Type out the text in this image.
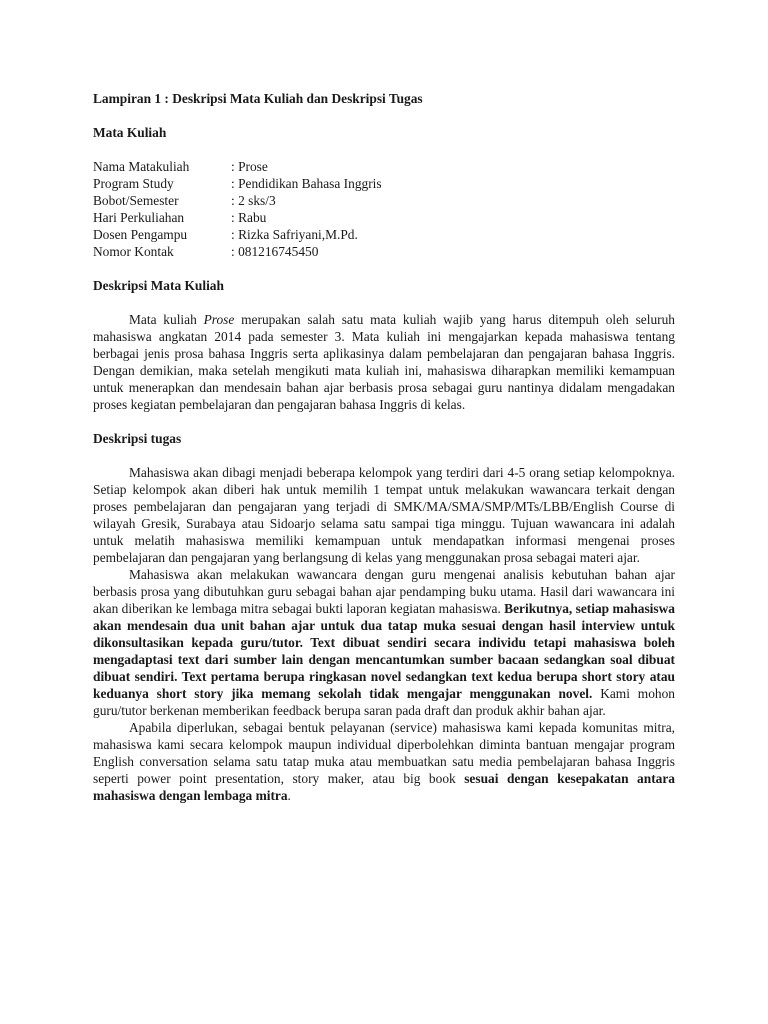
Lampiran 1 : Deskripsi Mata Kuliah dan Deskripsi Tugas

Mata Kuliah

Nama Matakuliah	: Prose
Program Study	: Pendidikan Bahasa Inggris
Bobot/Semester	: 2 sks/3
Hari Perkuliahan	: Rabu
Dosen Pengampu	: Rizka Safriyani,M.Pd.
Nomor Kontak	: 081216745450

Deskripsi Mata Kuliah

Mata kuliah Prose merupakan salah satu mata kuliah wajib yang harus ditempuh oleh seluruh mahasiswa angkatan 2014 pada semester 3. Mata kuliah ini mengajarkan kepada mahasiswa tentang berbagai jenis prosa bahasa Inggris serta aplikasinya dalam pembelajaran dan pengajaran bahasa Inggris. Dengan demikian, maka setelah mengikuti mata kuliah ini, mahasiswa diharapkan memiliki kemampuan untuk menerapkan dan mendesain bahan ajar berbasis prosa sebagai guru nantinya didalam mengadakan proses kegiatan pembelajaran dan pengajaran bahasa Inggris di kelas.

Deskripsi tugas

Mahasiswa akan dibagi menjadi beberapa kelompok yang terdiri dari 4-5 orang setiap kelompoknya. Setiap kelompok akan diberi hak untuk memilih 1 tempat untuk melakukan wawancara terkait dengan proses pembelajaran dan pengajaran yang terjadi di SMK/MA/SMA/SMP/MTs/LBB/English Course di wilayah Gresik, Surabaya atau Sidoarjo selama satu sampai tiga minggu. Tujuan wawancara ini adalah untuk melatih mahasiswa memiliki kemampuan untuk mendapatkan informasi mengenai proses pembelajaran dan pengajaran yang berlangsung di kelas yang menggunakan prosa sebagai materi ajar.

Mahasiswa akan melakukan wawancara dengan guru mengenai analisis kebutuhan bahan ajar berbasis prosa yang dibutuhkan guru sebagai bahan ajar pendamping buku utama. Hasil dari wawancara ini akan diberikan ke lembaga mitra sebagai bukti laporan kegiatan mahasiswa. Berikutnya, setiap mahasiswa akan mendesain dua unit bahan ajar untuk dua tatap muka sesuai dengan hasil interview untuk dikonsultasikan kepada guru/tutor. Text dibuat sendiri secara individu tetapi mahasiswa boleh mengadaptasi text dari sumber lain dengan mencantumkan sumber bacaan sedangkan soal dibuat dibuat sendiri. Text pertama berupa ringkasan novel sedangkan text kedua berupa short story atau keduanya short story jika memang sekolah tidak mengajar menggunakan novel. Kami mohon guru/tutor berkenan memberikan feedback berupa saran pada draft dan produk akhir bahan ajar.

Apabila diperlukan, sebagai bentuk pelayanan (service) mahasiswa kami kepada komunitas mitra, mahasiswa kami secara kelompok maupun individual diperbolehkan diminta bantuan mengajar program English conversation selama satu tatap muka atau membuatkan satu media pembelajaran bahasa Inggris seperti power point presentation, story maker, atau big book sesuai dengan kesepakatan antara mahasiswa dengan lembaga mitra.
